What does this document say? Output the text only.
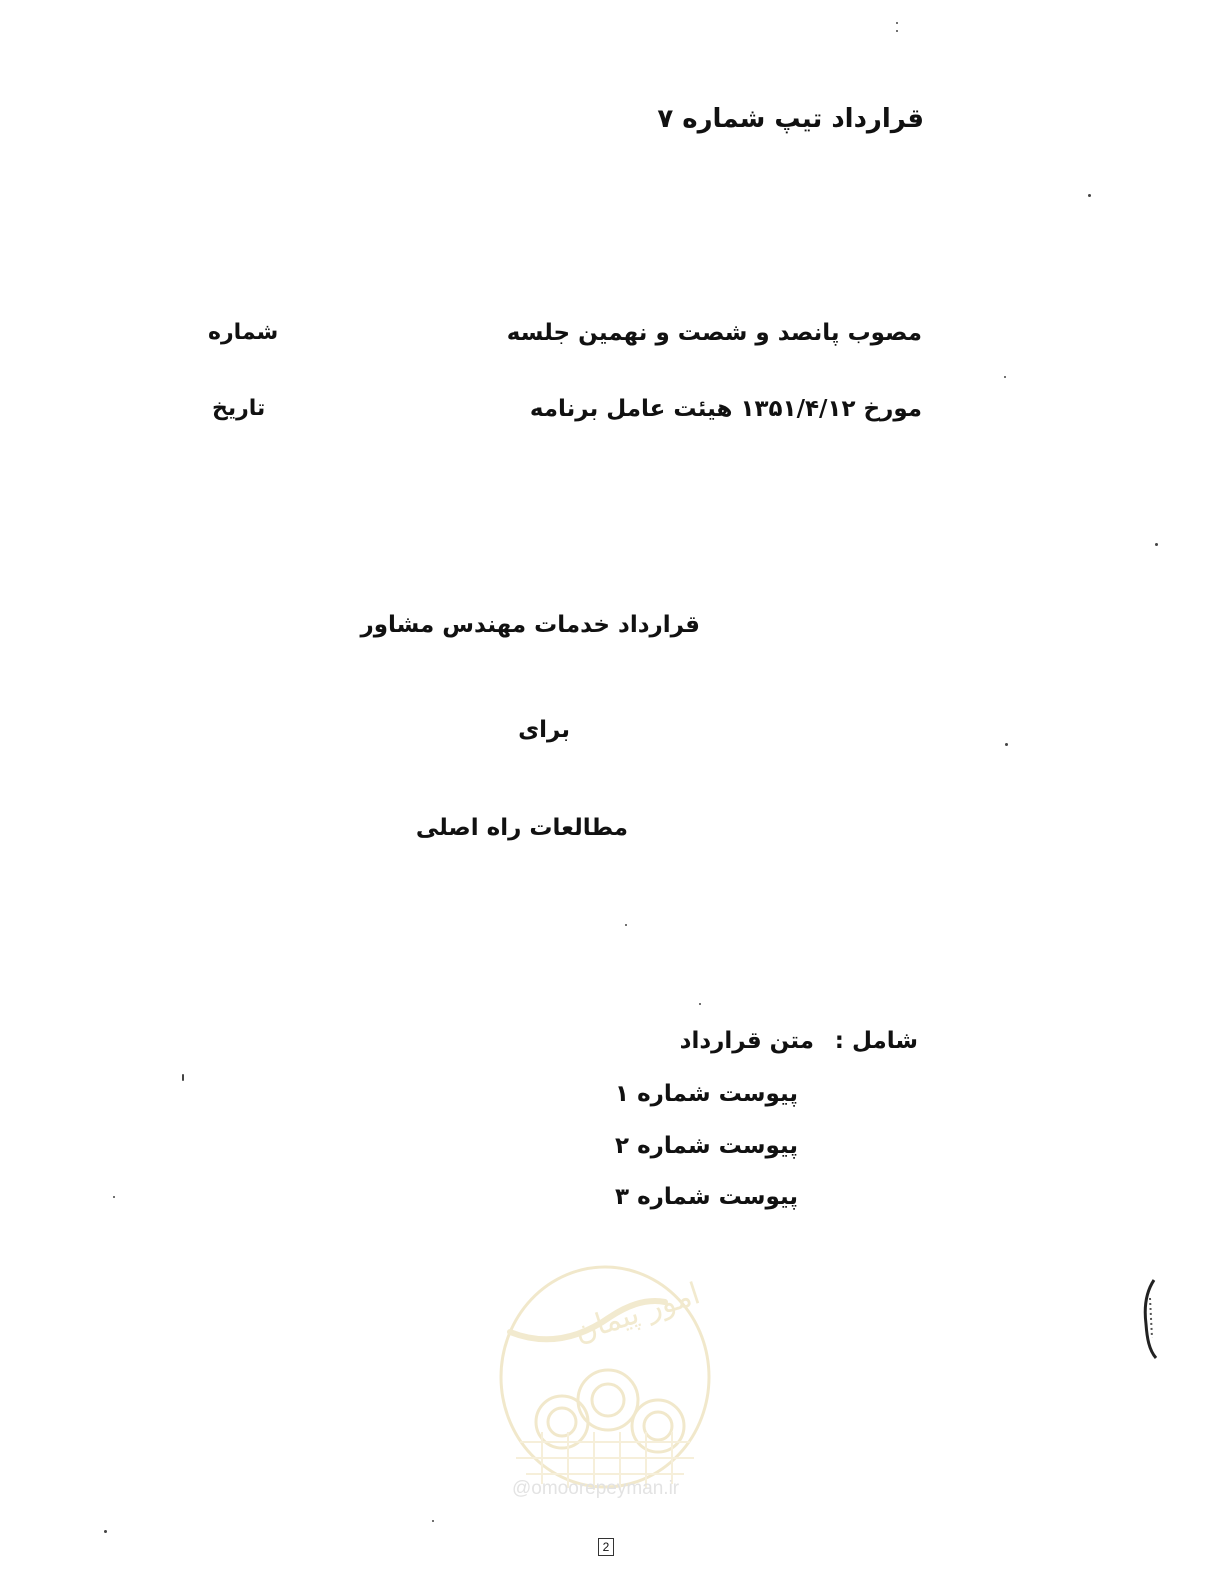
قرارداد تیپ شماره ۷
مصوب پانصد و شصت و نهمین جلسه
شماره
مورخ ۱۳۵۱/۴/۱۲ هیئت عامل برنامه
تاریخ
قرارداد خدمات مهندس مشاور
برای
مطالعات راه اصلی
شامل :
متن قرارداد
پیوست شماره ۱
پیوست شماره ۲
پیوست شماره ۳
امور پیمان
@omoorepeyman.ir
2
